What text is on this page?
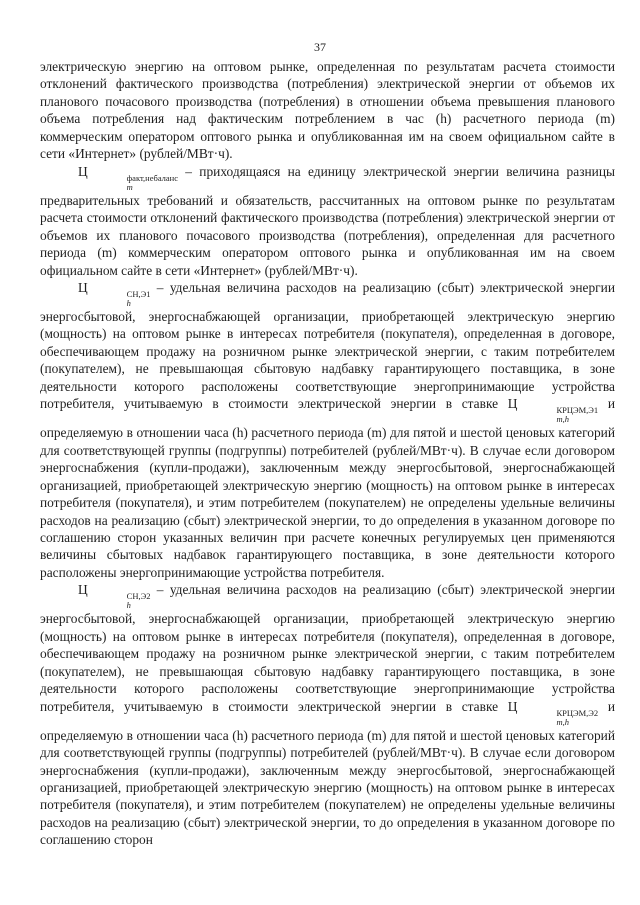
37

электрическую энергию на оптовом рынке, определенная по результатам расчета стоимости отклонений фактического производства (потребления) электрической энергии от объемов их планового почасового производства (потребления) в отношении объема превышения планового объема потребления над фактическим потреблением в час (h) расчетного периода (m) коммерческим оператором оптового рынка и опубликованная им на своем официальном сайте в сети «Интернет» (рублей/МВт·ч).

Ц	факт,небаланс
m
– приходящаяся на единицу электрической энергии величина разницы предварительных требований и обязательств, рассчитанных на оптовом рынке по результатам расчета стоимости отклонений фактического производства (потребления) электрической энергии от объемов их планового почасового производства (потребления), определенная для расчетного периода (m) коммерческим оператором оптового рынка и опубликованная им на своем официальном сайте в сети «Интернет» (рублей/МВт·ч).

Ц	СН,Э1
h
– удельная величина расходов на реализацию (сбыт) электрической энергии энергосбытовой, энергоснабжающей организации, приобретающей электрическую энергию (мощность) на оптовом рынке в интересах потребителя (покупателя), определенная в договоре, обеспечивающем продажу на розничном рынке электрической энергии, с таким потребителем (покупателем), не превышающая сбытовую надбавку гарантирующего поставщика, в зоне деятельности которого расположены соответствующие энергопринимающие устройства потребителя, учитываемую в стоимости электрической энергии в ставке Ц	КРЦЭМ,Э1
m,h
и определяемую в отношении часа (h) расчетного периода (m) для пятой и шестой ценовых категорий для соответствующей группы (подгруппы) потребителей (рублей/МВт·ч). В случае если договором энергоснабжения (купли-продажи), заключенным между энергосбытовой, энергоснабжающей организацией, приобретающей электрическую энергию (мощность) на оптовом рынке в интересах потребителя (покупателя), и этим потребителем (покупателем) не определены удельные величины расходов на реализацию (сбыт) электрической энергии, то до определения в указанном договоре по соглашению сторон указанных величин при расчете конечных регулируемых цен применяются величины сбытовых надбавок гарантирующего поставщика, в зоне деятельности которого расположены энергопринимающие устройства потребителя.

Ц	СН,Э2
h
– удельная величина расходов на реализацию (сбыт) электрической энергии энергосбытовой, энергоснабжающей организации, приобретающей электрическую энергию (мощность) на оптовом рынке в интересах потребителя (покупателя), определенная в договоре, обеспечивающем продажу на розничном рынке электрической энергии, с таким потребителем (покупателем), не превышающая сбытовую надбавку гарантирующего поставщика, в зоне деятельности которого расположены соответствующие энергопринимающие устройства потребителя, учитываемую в стоимости электрической энергии в ставке Ц	КРЦЭМ,Э2
m,h
и определяемую в отношении часа (h) расчетного периода (m) для пятой и шестой ценовых категорий для соответствующей группы (подгруппы) потребителей (рублей/МВт·ч). В случае если договором энергоснабжения (купли-продажи), заключенным между энергосбытовой, энергоснабжающей организацией, приобретающей электрическую энергию (мощность) на оптовом рынке в интересах потребителя (покупателя), и этим потребителем (покупателем) не определены удельные величины расходов на реализацию (сбыт) электрической энергии, то до определения в указанном договоре по соглашению сторон
